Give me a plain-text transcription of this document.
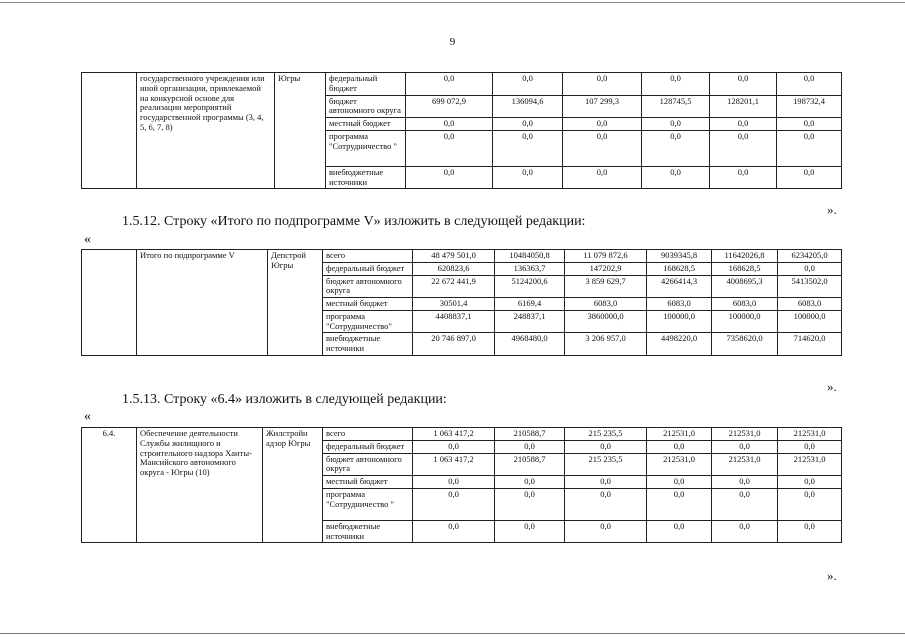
9
	государственного учреждения или иной организации, привлекаемой на конкурсной основе для реализации мероприятий государственной программы (3, 4, 5, 6, 7, 8)	Югры	федеральный бюджет	0,0	0,0	0,0	0,0	0,0	0,0
			бюджет автономного округа	699 072,9	136094,6	107 299,3	128745,5	128201,1	198732,4
			местный бюджет	0,0	0,0	0,0	0,0	0,0	0,0
			программа "Сотрудничество "	0,0	0,0	0,0	0,0	0,0	0,0
			внебюджетные источники	0,0	0,0	0,0	0,0	0,0	0,0
».
1.5.12. Строку «Итого по подпрограмме V» изложить в следующей редакции:
«
	Итого по подпрограмме V	Депстрой Югры	всего	48 479 501,0	10484050,8	11 079 872,6	9039345,8	11642026,8	6234205,0
			федеральный бюджет	620823,6	136363,7	147202,9	168628,5	168628,5	0,0
			бюджет автономного округа	22 672 441,9	5124200,6	3 859 629,7	4266414,3	4008695,3	5413502,0
			местный бюджет	30501,4	6169,4	6083,0	6083,0	6083,0	6083,0
			программа "Сотрудничество"	4408837,1	248837,1	3860000,0	100000,0	100000,0	100000,0
			внебюджетные источники	20 746 897,0	4968480,0	3 206 957,0	4498220,0	7358620,0	714620,0
».
1.5.13. Строку «6.4» изложить в следующей редакции:
«
6.4.	Обеспечение деятельности Службы жилищного и строительного надзора Ханты-Мансийского автономного округа - Югры (10)	Жилстройн адзор Югры	всего	1 063 417,2	210588,7	215 235,5	212531,0	212531,0	212531,0
			федеральный бюджет	0,0	0,0	0,0	0,0	0,0	0,0
			бюджет автономного округа	1 063 417,2	210588,7	215 235,5	212531,0	212531,0	212531,0
			местный бюджет	0,0	0,0	0,0	0,0	0,0	0,0
			программа "Сотрудничество "	0,0	0,0	0,0	0,0	0,0	0,0
			внебюджетные источники	0,0	0,0	0,0	0,0	0,0	0,0
».
